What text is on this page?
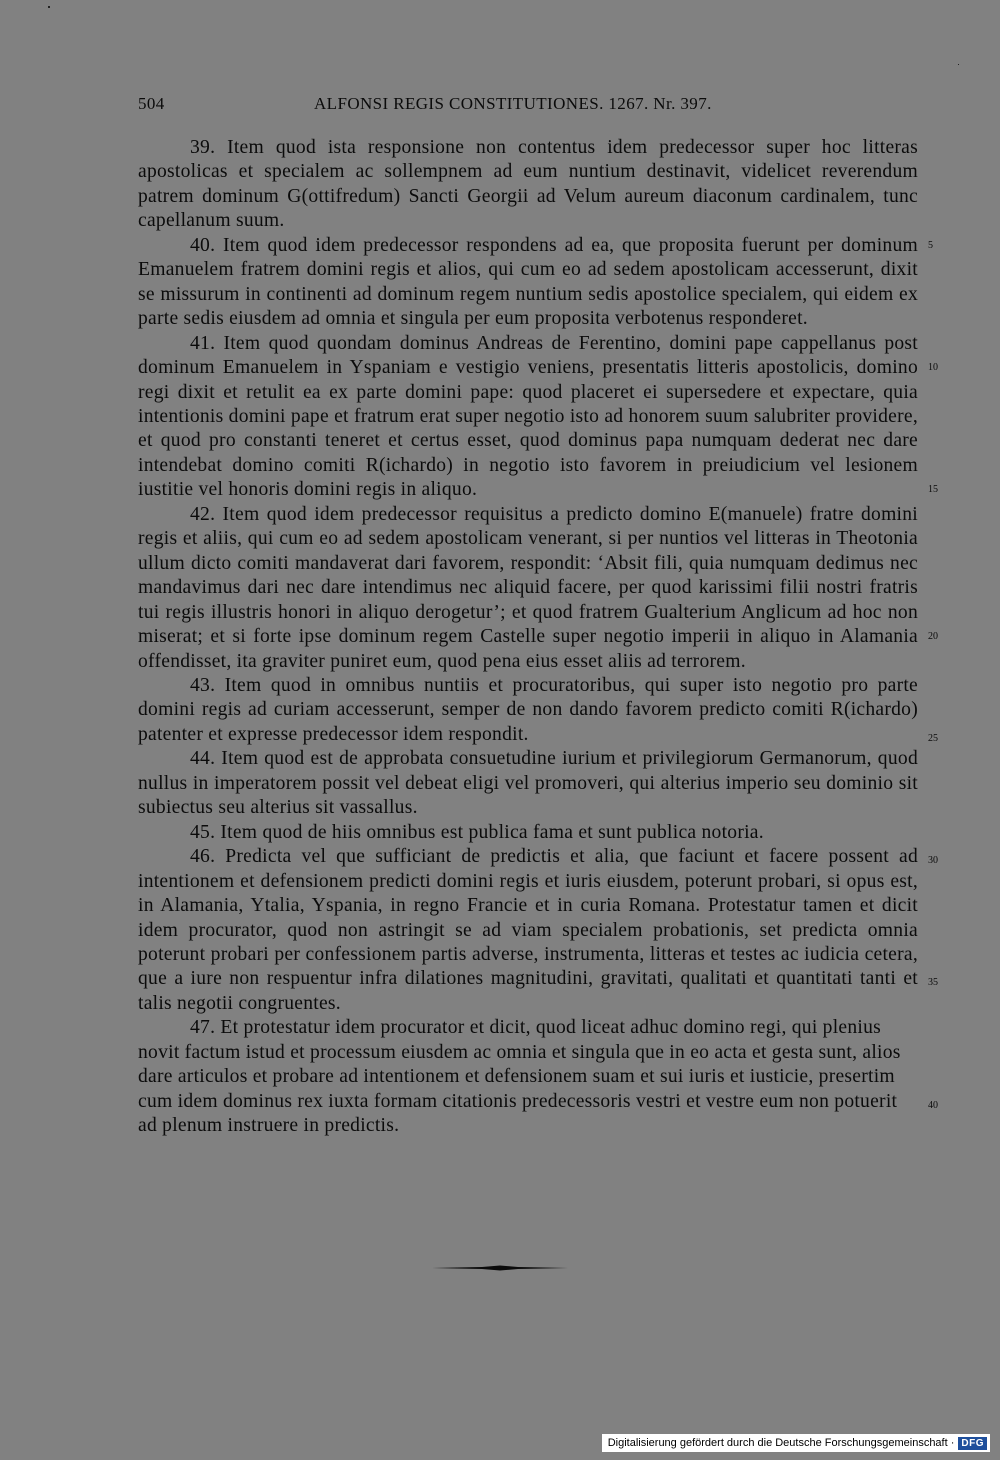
504	ALFONSI REGIS CONSTITUTIONES. 1267. Nr. 397.

39. Item quod ista responsione non contentus idem predecessor super hoc litteras apostolicas et specialem ac sollempnem ad eum nuntium destinavit, videlicet reverendum patrem dominum G(ottifredum) Sancti Georgii ad Velum aureum diaconum cardinalem, tunc capellanum suum.

40. Item quod idem predecessor respondens ad ea, que proposita fuerunt per dominum Emanuelem fratrem domini regis et alios, qui cum eo ad sedem apostolicam accesserunt, dixit se missurum in continenti ad dominum regem nuntium sedis apostolice specialem, qui eidem ex parte sedis eiusdem ad omnia et singula per eum proposita verbotenus responderet.

41. Item quod quondam dominus Andreas de Ferentino, domini pape cappellanus post dominum Emanuelem in Yspaniam e vestigio veniens, presentatis litteris apostolicis, domino regi dixit et retulit ea ex parte domini pape: quod placeret ei supersedere et expectare, quia intentionis domini pape et fratrum erat super negotio isto ad honorem suum salubriter providere, et quod pro constanti teneret et certus esset, quod dominus papa numquam dederat nec dare intendebat domino comiti R(ichardo) in negotio isto favorem in preiudicium vel lesionem iustitie vel honoris domini regis in aliquo.

42. Item quod idem predecessor requisitus a predicto domino E(manuele) fratre domini regis et aliis, qui cum eo ad sedem apostolicam venerant, si per nuntios vel litteras in Theotonia ullum dicto comiti mandaverat dari favorem, respondit: ‘Absit fili, quia numquam dedimus nec mandavimus dari nec dare intendimus nec aliquid facere, per quod karissimi filii nostri fratris tui regis illustris honori in aliquo derogetur’; et quod fratrem Gualterium Anglicum ad hoc non miserat; et si forte ipse dominum regem Castelle super negotio imperii in aliquo in Alamania offendisset, ita graviter puniret eum, quod pena eius esset aliis ad terrorem.

43. Item quod in omnibus nuntiis et procuratoribus, qui super isto negotio pro parte domini regis ad curiam accesserunt, semper de non dando favorem predicto comiti R(ichardo) patenter et expresse predecessor idem respondit.

44. Item quod est de approbata consuetudine iurium et privilegiorum Germanorum, quod nullus in imperatorem possit vel debeat eligi vel promoveri, qui alterius imperio seu dominio sit subiectus seu alterius sit vassallus.

45. Item quod de hiis omnibus est publica fama et sunt publica notoria.

46. Predicta vel que sufficiant de predictis et alia, que faciunt et facere possent ad intentionem et defensionem predicti domini regis et iuris eiusdem, poterunt probari, si opus est, in Alamania, Ytalia, Yspania, in regno Francie et in curia Romana. Protestatur tamen et dicit idem procurator, quod non astringit se ad viam specialem probationis, set predicta omnia poterunt probari per confessionem partis adverse, instrumenta, litteras et testes ac iudicia cetera, que a iure non respuentur infra dilationes magnitudini, gravitati, qualitati et quantitati tanti et talis negotii congruentes.

47. Et protestatur idem procurator et dicit, quod liceat adhuc domino regi, qui plenius novit factum istud et processum eiusdem ac omnia et singula que in eo acta et gesta sunt, alios dare articulos et probare ad intentionem et defensionem suam et sui iuris et iusticie, presertim cum idem dominus rex iuxta formam citationis predecessoris vestri et vestre eum non potuerit ad plenum instruere in predictis.

5
10
15
20
25
30
35
40
Digitalisierung gefördert durch die Deutsche Forschungsgemeinschaft · DFG
